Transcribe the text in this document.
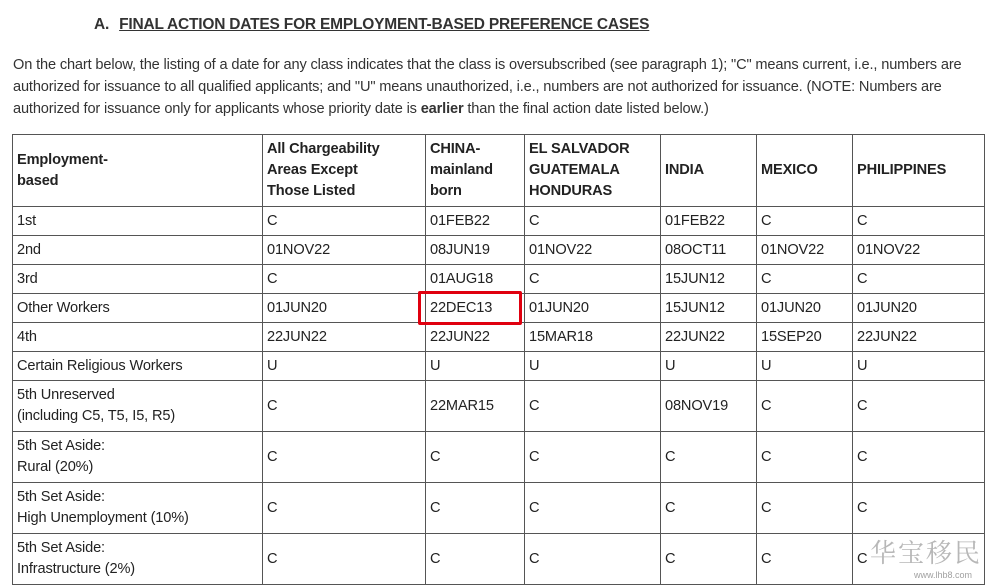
A. FINAL ACTION DATES FOR EMPLOYMENT-BASED PREFERENCE CASES
On the chart below, the listing of a date for any class indicates that the class is oversubscribed (see paragraph 1); "C" means current, i.e., numbers are authorized for issuance to all qualified applicants; and "U" means unauthorized, i.e., numbers are not authorized for issuance. (NOTE: Numbers are authorized for issuance only for applicants whose priority date is earlier than the final action date listed below.)
Employment-
based	All Chargeability
Areas Except
Those Listed	CHINA-
mainland
born	EL SALVADOR
GUATEMALA
HONDURAS	INDIA	MEXICO	PHILIPPINES
1st	C	01FEB22	C	01FEB22	C	C
2nd	01NOV22	08JUN19	01NOV22	08OCT11	01NOV22	01NOV22
3rd	C	01AUG18	C	15JUN12	C	C
Other Workers	01JUN20	22DEC13	01JUN20	15JUN12	01JUN20	01JUN20
4th	22JUN22	22JUN22	15MAR18	22JUN22	15SEP20	22JUN22
Certain Religious Workers	U	U	U	U	U	U
5th Unreserved
(including C5, T5, I5, R5)	C	22MAR15	C	08NOV19	C	C
5th Set Aside:
Rural (20%)	C	C	C	C	C	C
5th Set Aside:
High Unemployment (10%)	C	C	C	C	C	C
5th Set Aside:
Infrastructure (2%)	C	C	C	C	C	C 华宝移民
www.lhb8.com
